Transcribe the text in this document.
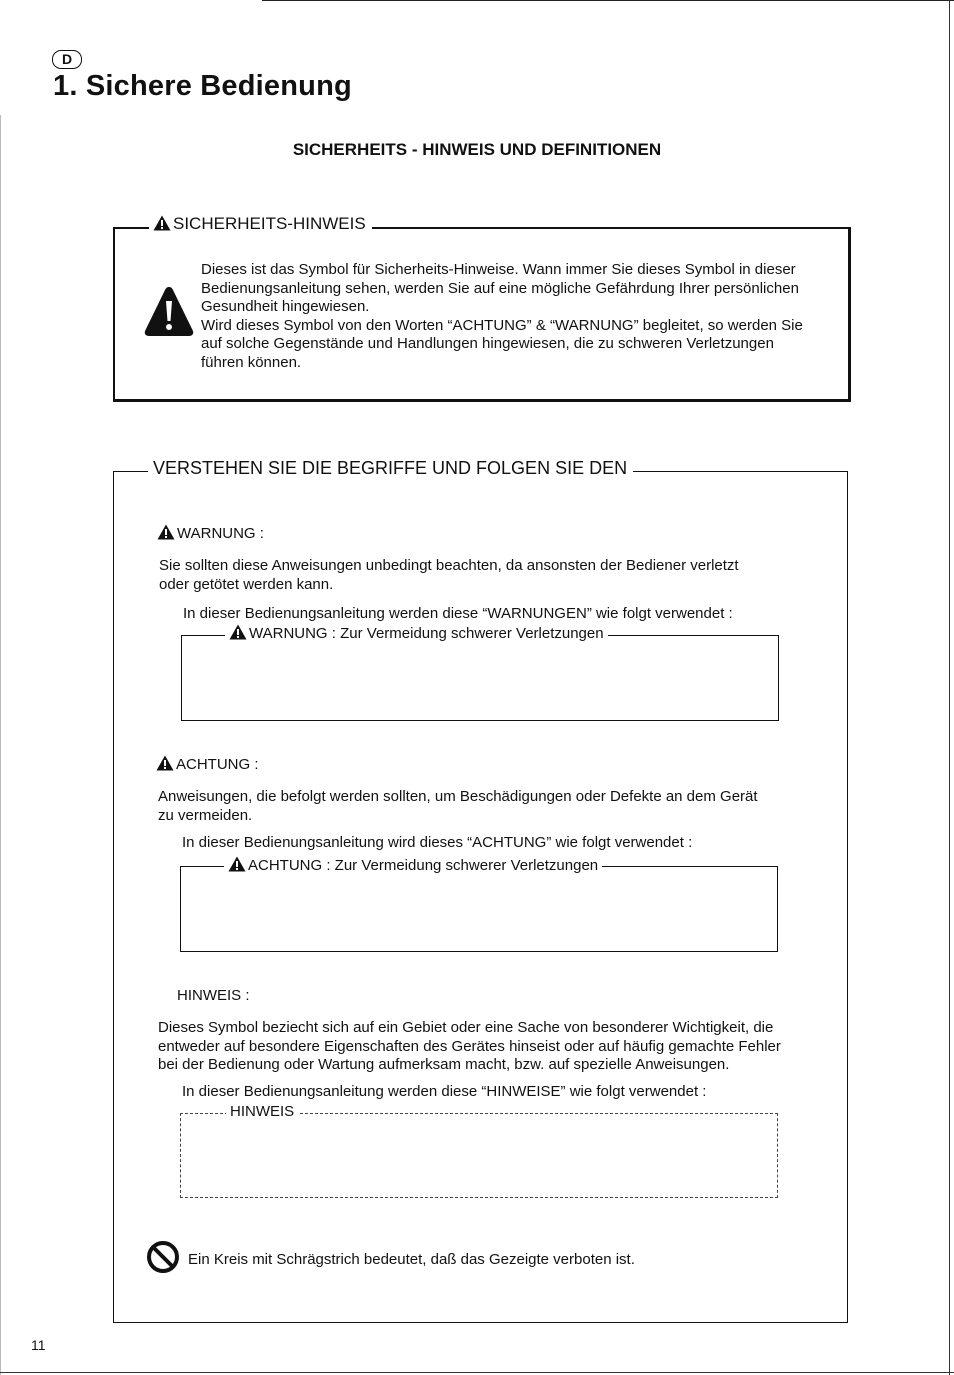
D
1. Sichere Bedienung
SICHERHEITS - HINWEIS UND DEFINITIONEN
SICHERHEITS-HINWEIS
Dieses ist das Symbol für Sicherheits-Hinweise. Wann immer Sie dieses Symbol in dieser
Bedienungsanleitung sehen, werden Sie auf eine mögliche Gefährdung Ihrer persönlichen
Gesundheit hingewiesen.
Wird dieses Symbol von den Worten “ACHTUNG” & “WARNUNG” begleitet, so werden Sie
auf solche Gegenstände und Handlungen hingewiesen, die zu schweren Verletzungen
führen können.
VERSTEHEN SIE DIE BEGRIFFE UND FOLGEN SIE DEN
WARNUNG :
Sie sollten diese Anweisungen unbedingt beachten, da ansonsten der Bediener verletzt
oder getötet werden kann.
In dieser Bedienungsanleitung werden diese “WARNUNGEN” wie folgt verwendet :
WARNUNG : Zur Vermeidung schwerer Verletzungen
ACHTUNG :
Anweisungen, die befolgt werden sollten, um Beschädigungen oder Defekte an dem Gerät
zu vermeiden.
In dieser Bedienungsanleitung wird dieses “ACHTUNG” wie folgt verwendet :
ACHTUNG : Zur Vermeidung schwerer Verletzungen
HINWEIS :
Dieses Symbol beziecht sich auf ein Gebiet oder eine Sache von besonderer Wichtigkeit, die
entweder auf besondere Eigenschaften des Gerätes hinseist oder auf häufig gemachte Fehler
bei der Bedienung oder Wartung aufmerksam macht, bzw. auf spezielle Anweisungen.
In dieser Bedienungsanleitung werden diese “HINWEISE” wie folgt verwendet :
HINWEIS
Ein Kreis mit Schrägstrich bedeutet, daß das Gezeigte verboten ist.
11
